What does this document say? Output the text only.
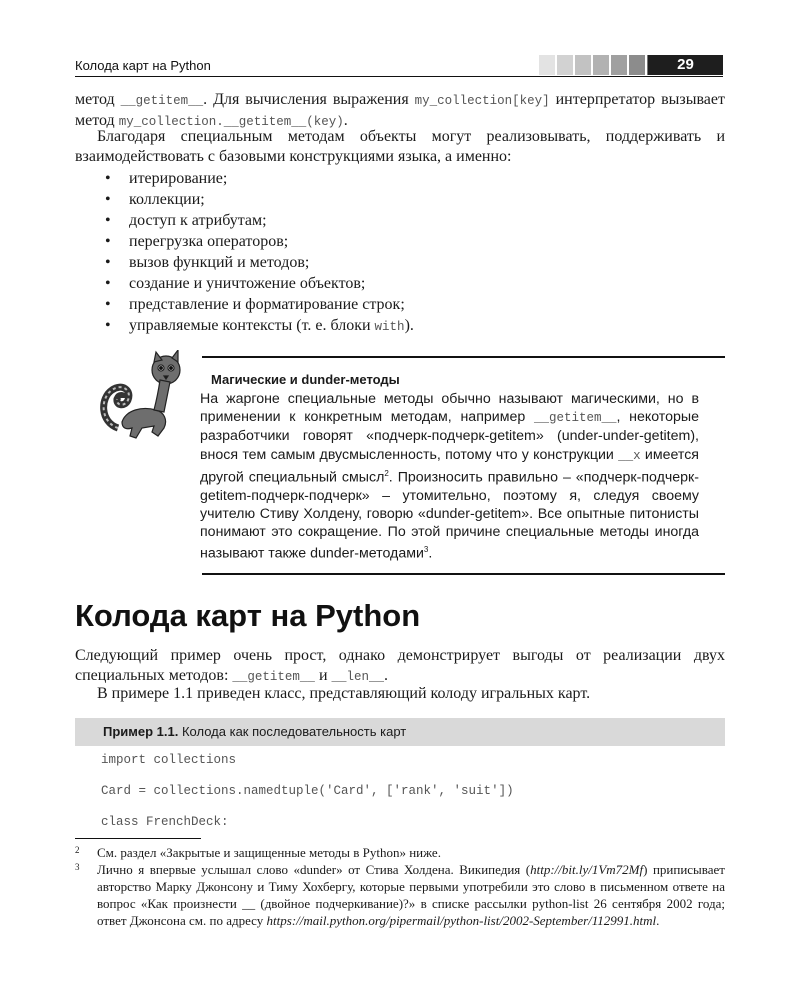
Колода карт на Python	29
метод __getitem__. Для вычисления выражения my_collection[key] интерпретатор вызывает метод my_collection.__getitem__(key).
Благодаря специальным методам объекты могут реализовывать, поддерживать и взаимодействовать с базовыми конструкциями языка, а именно:
• итерирование;
• коллекции;
• доступ к атрибутам;
• перегрузка операторов;
• вызов функций и методов;
• создание и уничтожение объектов;
• представление и форматирование строк;
• управляемые контексты (т. е. блоки with).
Магические и dunder-методы
На жаргоне специальные методы обычно называют магическими, но в применении к конкретным методам, например __getitem__, некоторые разработчики говорят «подчерк-подчерк-getitem» (under-under-getitem), внося тем самым двусмысленность, потому что у конструкции __x имеется другой специальный смысл$^2$. Произносить правильно – «подчерк-подчерк-getitem-подчерк-подчерк» – утомительно, поэтому я, следуя своему учителю Стиву Холдену, говорю «dunder-getitem». Все опытные питонисты понимают это сокращение. По этой причине специальные методы иногда называют также dunder-методами$^3$.
Колода карт на Python
Следующий пример очень прост, однако демонстрирует выгоды от реализации двух специальных методов: __getitem__ и __len__.
В примере 1.1 приведен класс, представляющий колоду игральных карт.
Пример 1.1. Колода как последовательность карт
import collections
Card = collections.namedtuple('Card', ['rank', 'suit'])
class FrenchDeck:
2 См. раздел «Закрытые и защищенные методы в Python» ниже.
3 Лично я впервые услышал слово «dunder» от Стива Холдена. Википедия (http://bit.ly/1Vm72Mf) приписывает авторство Марку Джонсону и Тиму Хохбергу, которые первыми употребили это слово в письменном ответе на вопрос «Как произнести __ (двойное подчеркивание)?» в списке рассылки python-list 26 сентября 2002 года; ответ Джонсона см. по адресу https://mail.python.org/pipermail/python-list/2002-September/112991.html.
